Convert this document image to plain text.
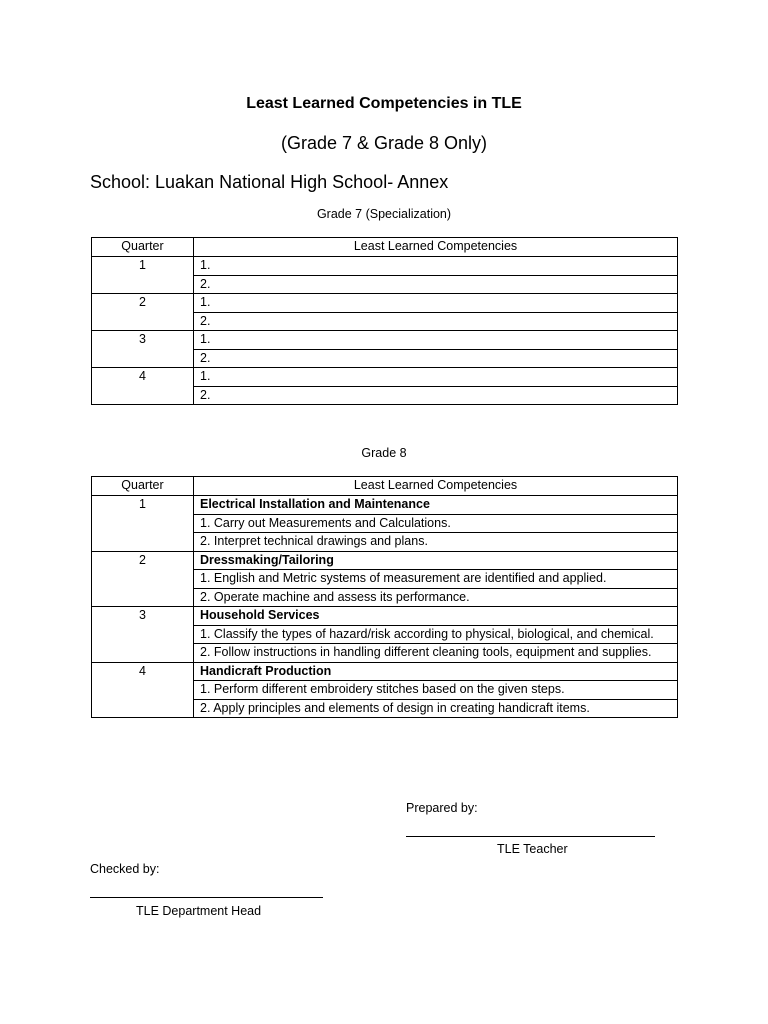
Least Learned Competencies in TLE
(Grade 7 & Grade 8 Only)
School: Luakan National High School- Annex
Grade 7 (Specialization)
Quarter	Least Learned Competencies
1	1.
	2.
2	1.
	2.
3	1.
	2.
4	1.
	2.
Grade 8
Quarter	Least Learned Competencies
1	Electrical Installation and Maintenance
	1. Carry out Measurements and Calculations.
	2. Interpret technical drawings and plans.
2	Dressmaking/Tailoring
	1. English and Metric systems of measurement are identified and applied.
	2. Operate machine and assess its performance.
3	Household Services
	1. Classify the types of hazard/risk according to physical, biological, and chemical.
	2. Follow instructions in handling different cleaning tools, equipment and supplies.
4	Handicraft Production
	1. Perform different embroidery stitches based on the given steps.
	2. Apply principles and elements of design in creating handicraft items.
Prepared by:
TLE Teacher
Checked by:
TLE Department Head
